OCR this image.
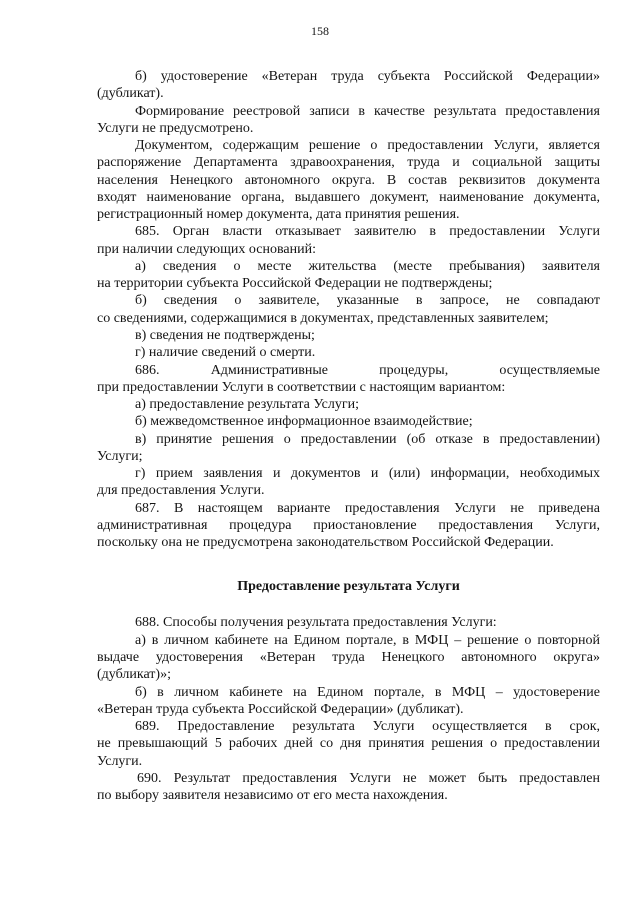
158
б) удостоверение «Ветеран труда субъекта Российской Федерации»
(дубликат).
Формирование реестровой записи в качестве результата предоставления
Услуги не предусмотрено.
Документом, содержащим решение о предоставлении Услуги, является
распоряжение Департамента здравоохранения, труда и социальной защиты
населения Ненецкого автономного округа. В состав реквизитов документа
входят наименование органа, выдавшего документ, наименование документа,
регистрационный номер документа, дата принятия решения.
685. Орган власти отказывает заявителю в предоставлении Услуги
при наличии следующих оснований:
а) сведения о месте жительства (месте пребывания) заявителя
на территории субъекта Российской Федерации не подтверждены;
б) сведения о заявителе, указанные в запросе, не совпадают
со сведениями, содержащимися в документах, представленных заявителем;
в) сведения не подтверждены;
г) наличие сведений о смерти.
686. Административные процедуры, осуществляемые
при предоставлении Услуги в соответствии с настоящим вариантом:
а) предоставление результата Услуги;
б) межведомственное информационное взаимодействие;
в) принятие решения о предоставлении (об отказе в предоставлении)
Услуги;
г) прием заявления и документов и (или) информации, необходимых
для предоставления Услуги.
687. В настоящем варианте предоставления Услуги не приведена
административная процедура приостановление предоставления Услуги,
поскольку она не предусмотрена законодательством Российской Федерации.
Предоставление результата Услуги
688. Способы получения результата предоставления Услуги:
а) в личном кабинете на Едином портале, в МФЦ – решение о повторной
выдаче удостоверения «Ветеран труда Ненецкого автономного округа»
(дубликат)»;
б) в личном кабинете на Едином портале, в МФЦ – удостоверение
«Ветеран труда субъекта Российской Федерации» (дубликат).
689. Предоставление результата Услуги осуществляется в срок,
не превышающий 5 рабочих дней со дня принятия решения о предоставлении
Услуги.
690. Результат предоставления Услуги не может быть предоставлен
по выбору заявителя независимо от его места нахождения.
